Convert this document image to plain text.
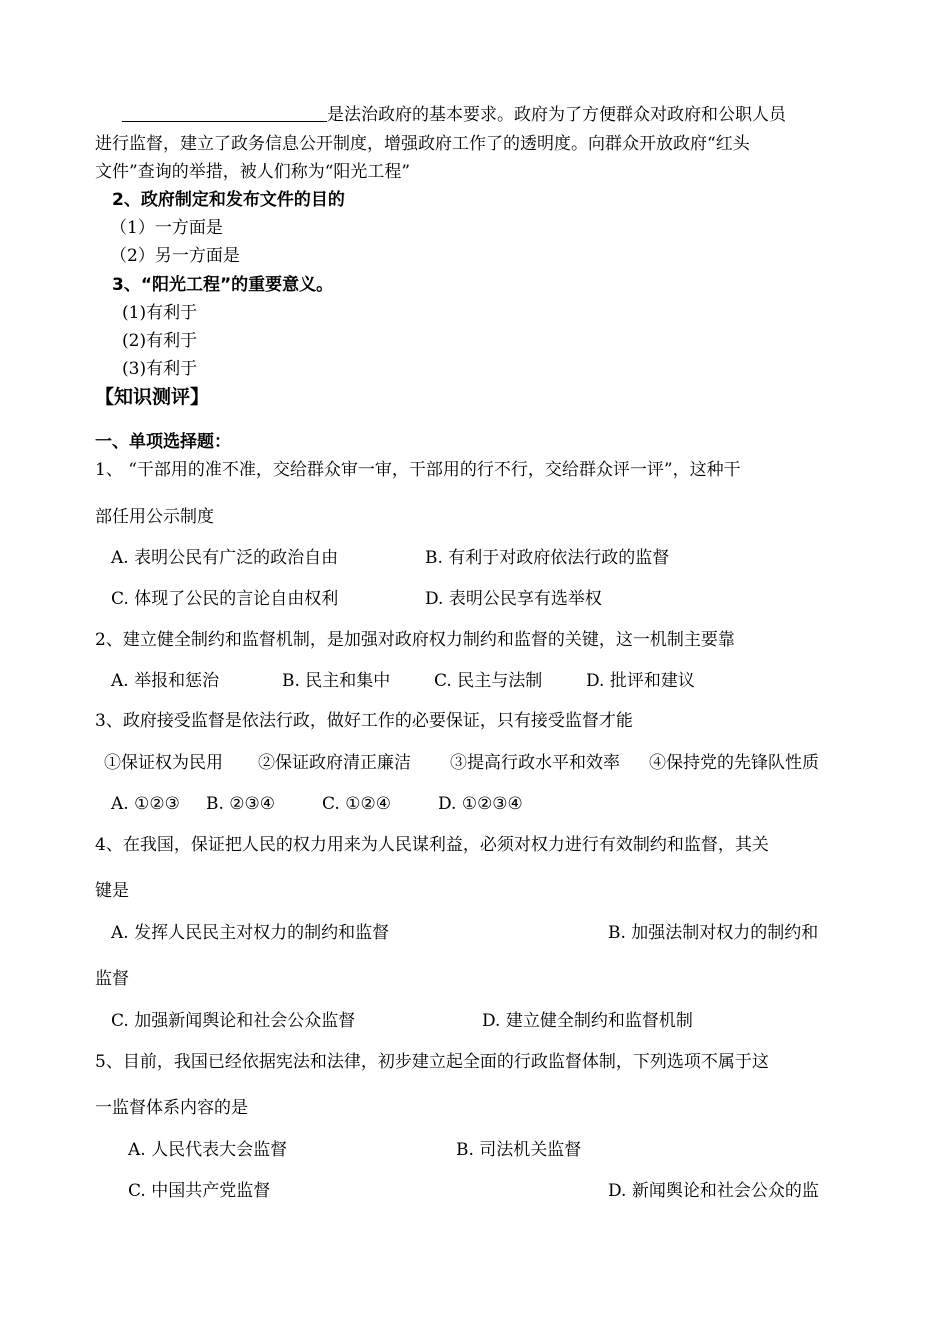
是法治政府的基本要求。政府为了方便群众对政府和公职人员
进行监督，建立了政务信息公开制度，增强政府工作了的透明度。向群众开放政府“红头
文件”查询的举措，被人们称为“阳光工程”
2、政府制定和发布文件的目的
（1）一方面是
（2）另一方面是
3、“阳光工程”的重要意义。
(1)有利于
(2)有利于
(3)有利于
【知识测评】
一、单项选择题：
1、 “干部用的准不准，交给群众审一审，干部用的行不行，交给群众评一评”，这种干
部任用公示制度
A. 表明公民有广泛的政治自由	B. 有利于对政府依法行政的监督
C. 体现了公民的言论自由权利	D. 表明公民享有选举权
2、建立健全制约和监督机制，是加强对政府权力制约和监督的关键，这一机制主要靠
A. 举报和惩治	B. 民主和集中	C. 民主与法制	D. 批评和建议
3、政府接受监督是依法行政，做好工作的必要保证，只有接受监督才能
①保证权为民用 ②保证政府清正廉洁 ③提高行政水平和效率 ④保持党的先锋队性质
A. ①②③ B. ②③④	C. ①②④	D. ①②③④
4、在我国，保证把人民的权力用来为人民谋利益，必须对权力进行有效制约和监督，其关
键是
A. 发挥人民民主对权力的制约和监督	B. 加强法制对权力的制约和
监督
C. 加强新闻舆论和社会公众监督	D. 建立健全制约和监督机制
5、目前，我国已经依据宪法和法律，初步建立起全面的行政监督体制，下列选项不属于这
一监督体系内容的是
A. 人民代表大会监督	B. 司法机关监督
C. 中国共产党监督	D. 新闻舆论和社会公众的监
